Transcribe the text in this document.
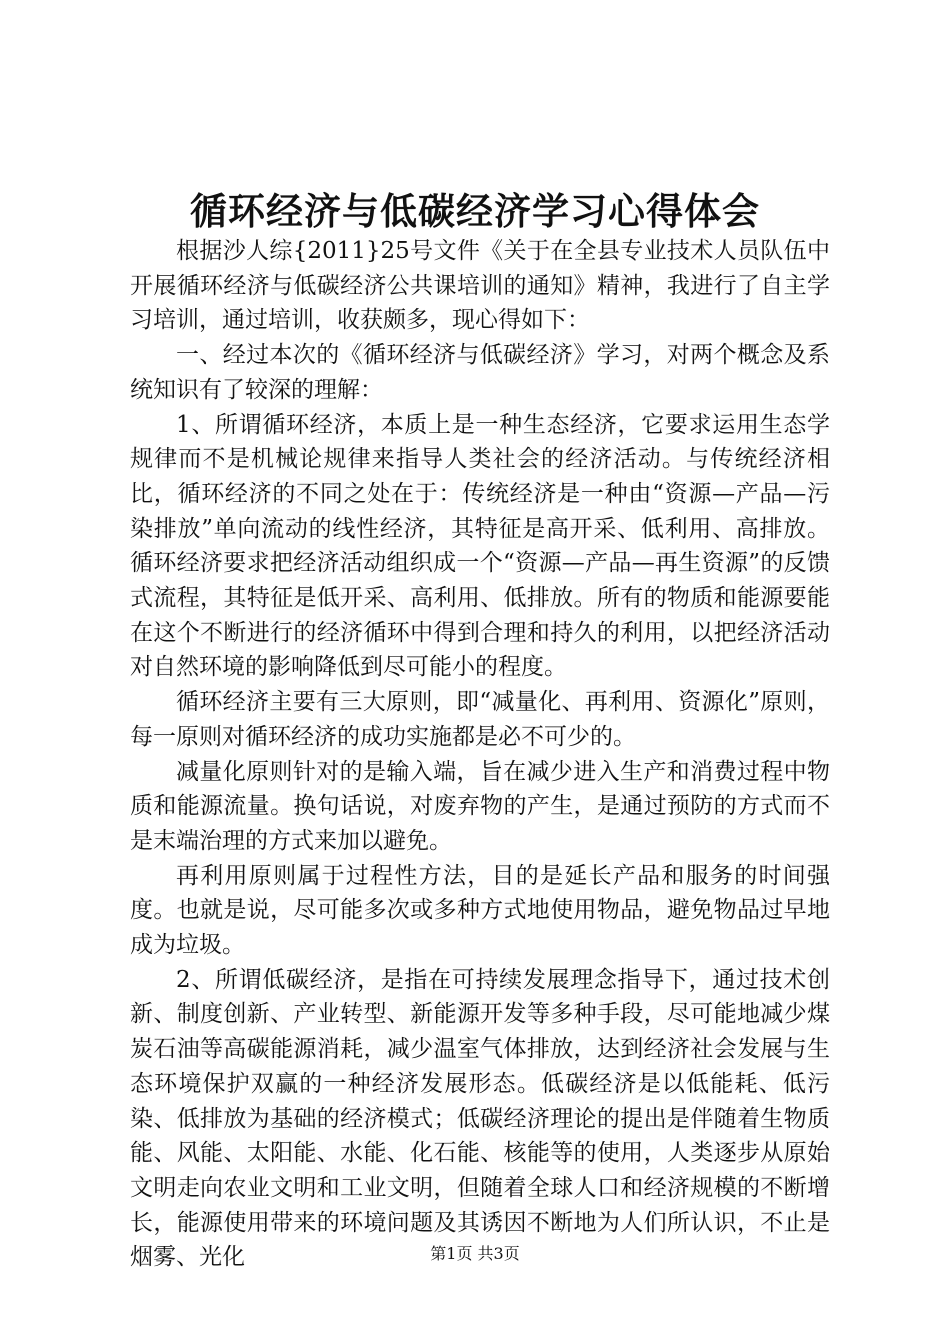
循环经济与低碳经济学习心得体会

根据沙人综{2011}25号文件《关于在全县专业技术人员队伍中开展循环经济与低碳经济公共课培训的通知》精神，我进行了自主学习培训，通过培训，收获颇多，现心得如下：

一、经过本次的《循环经济与低碳经济》学习，对两个概念及系统知识有了较深的理解：

1、所谓循环经济，本质上是一种生态经济，它要求运用生态学规律而不是机械论规律来指导人类社会的经济活动。与传统经济相比，循环经济的不同之处在于：传统经济是一种由“资源—产品—污染排放”单向流动的线性经济，其特征是高开采、低利用、高排放。循环经济要求把经济活动组织成一个“资源—产品—再生资源”的反馈式流程，其特征是低开采、高利用、低排放。所有的物质和能源要能在这个不断进行的经济循环中得到合理和持久的利用，以把经济活动对自然环境的影响降低到尽可能小的程度。

循环经济主要有三大原则，即“减量化、再利用、资源化”原则，每一原则对循环经济的成功实施都是必不可少的。

减量化原则针对的是输入端，旨在减少进入生产和消费过程中物质和能源流量。换句话说，对废弃物的产生，是通过预防的方式而不是末端治理的方式来加以避免。

再利用原则属于过程性方法，目的是延长产品和服务的时间强度。也就是说，尽可能多次或多种方式地使用物品，避免物品过早地成为垃圾。

2、所谓低碳经济，是指在可持续发展理念指导下，通过技术创新、制度创新、产业转型、新能源开发等多种手段，尽可能地减少煤炭石油等高碳能源消耗，减少温室气体排放，达到经济社会发展与生态环境保护双赢的一种经济发展形态。低碳经济是以低能耗、低污染、低排放为基础的经济模式；低碳经济理论的提出是伴随着生物质能、风能、太阳能、水能、化石能、核能等的使用，人类逐步从原始文明走向农业文明和工业文明，但随着全球人口和经济规模的不断增长，能源使用带来的环境问题及其诱因不断地为人们所认识，不止是烟雾、光化	第1页 共3页
